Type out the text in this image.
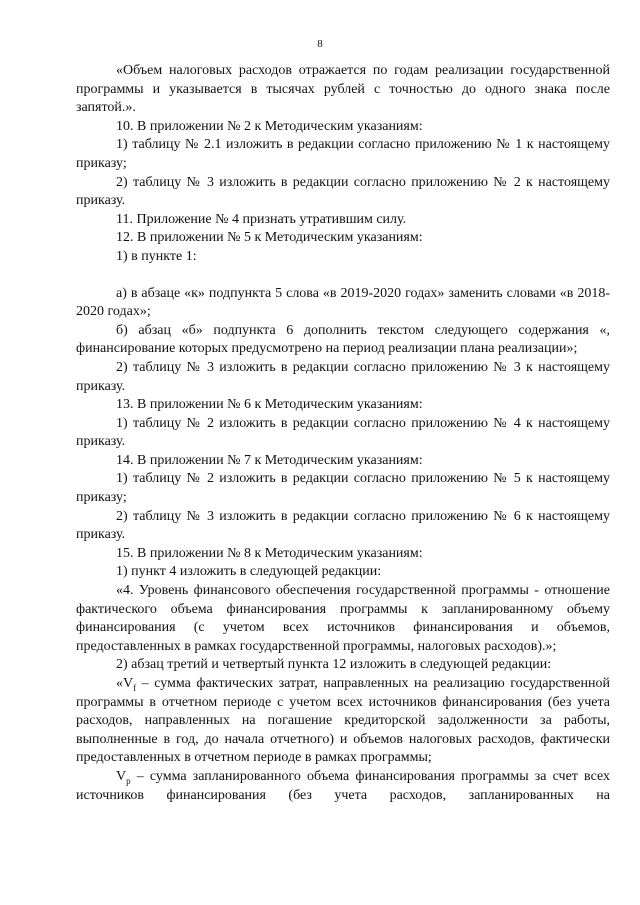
8

«Объем налоговых расходов отражается по годам реализации государственной программы и указывается в тысячах рублей с точностью до одного знака после запятой.».

10. В приложении № 2 к Методическим указаниям:

1) таблицу № 2.1 изложить в редакции согласно приложению № 1 к настоящему приказу;

2) таблицу № 3 изложить в редакции согласно приложению № 2 к настоящему приказу.

11. Приложение № 4 признать утратившим силу.

12. В приложении № 5 к Методическим указаниям:

1) в пункте 1:

а) в абзаце «к» подпункта 5 слова «в 2019-2020 годах» заменить словами «в 2018-2020 годах»;

б) абзац «б» подпункта 6 дополнить текстом следующего содержания «, финансирование которых предусмотрено на период реализации плана реализации»;

2) таблицу № 3 изложить в редакции согласно приложению № 3 к настоящему приказу.

13. В приложении № 6 к Методическим указаниям:

1) таблицу № 2 изложить в редакции согласно приложению № 4 к настоящему приказу.

14. В приложении № 7 к Методическим указаниям:

1) таблицу № 2 изложить в редакции согласно приложению № 5 к настоящему приказу;

2) таблицу № 3 изложить в редакции согласно приложению № 6 к настоящему приказу.

15. В приложении № 8 к Методическим указаниям:

1) пункт 4 изложить в следующей редакции:

«4. Уровень финансового обеспечения государственной программы - отношение фактического объема финансирования программы к запланированному объему финансирования (с учетом всех источников финансирования и объемов, предоставленных в рамках государственной программы, налоговых расходов).»;

2) абзац третий и четвертый пункта 12 изложить в следующей редакции:

«$V_f$ – сумма фактических затрат, направленных на реализацию государственной программы в отчетном периоде с учетом всех источников финансирования (без учета расходов, направленных на погашение кредиторской задолженности за работы, выполненные в год, до начала отчетного) и объемов налоговых расходов, фактически предоставленных в отчетном периоде в рамках программы;

$V_p$ – сумма запланированного объема финансирования программы за счет всех источников финансирования (без учета расходов, запланированных на
